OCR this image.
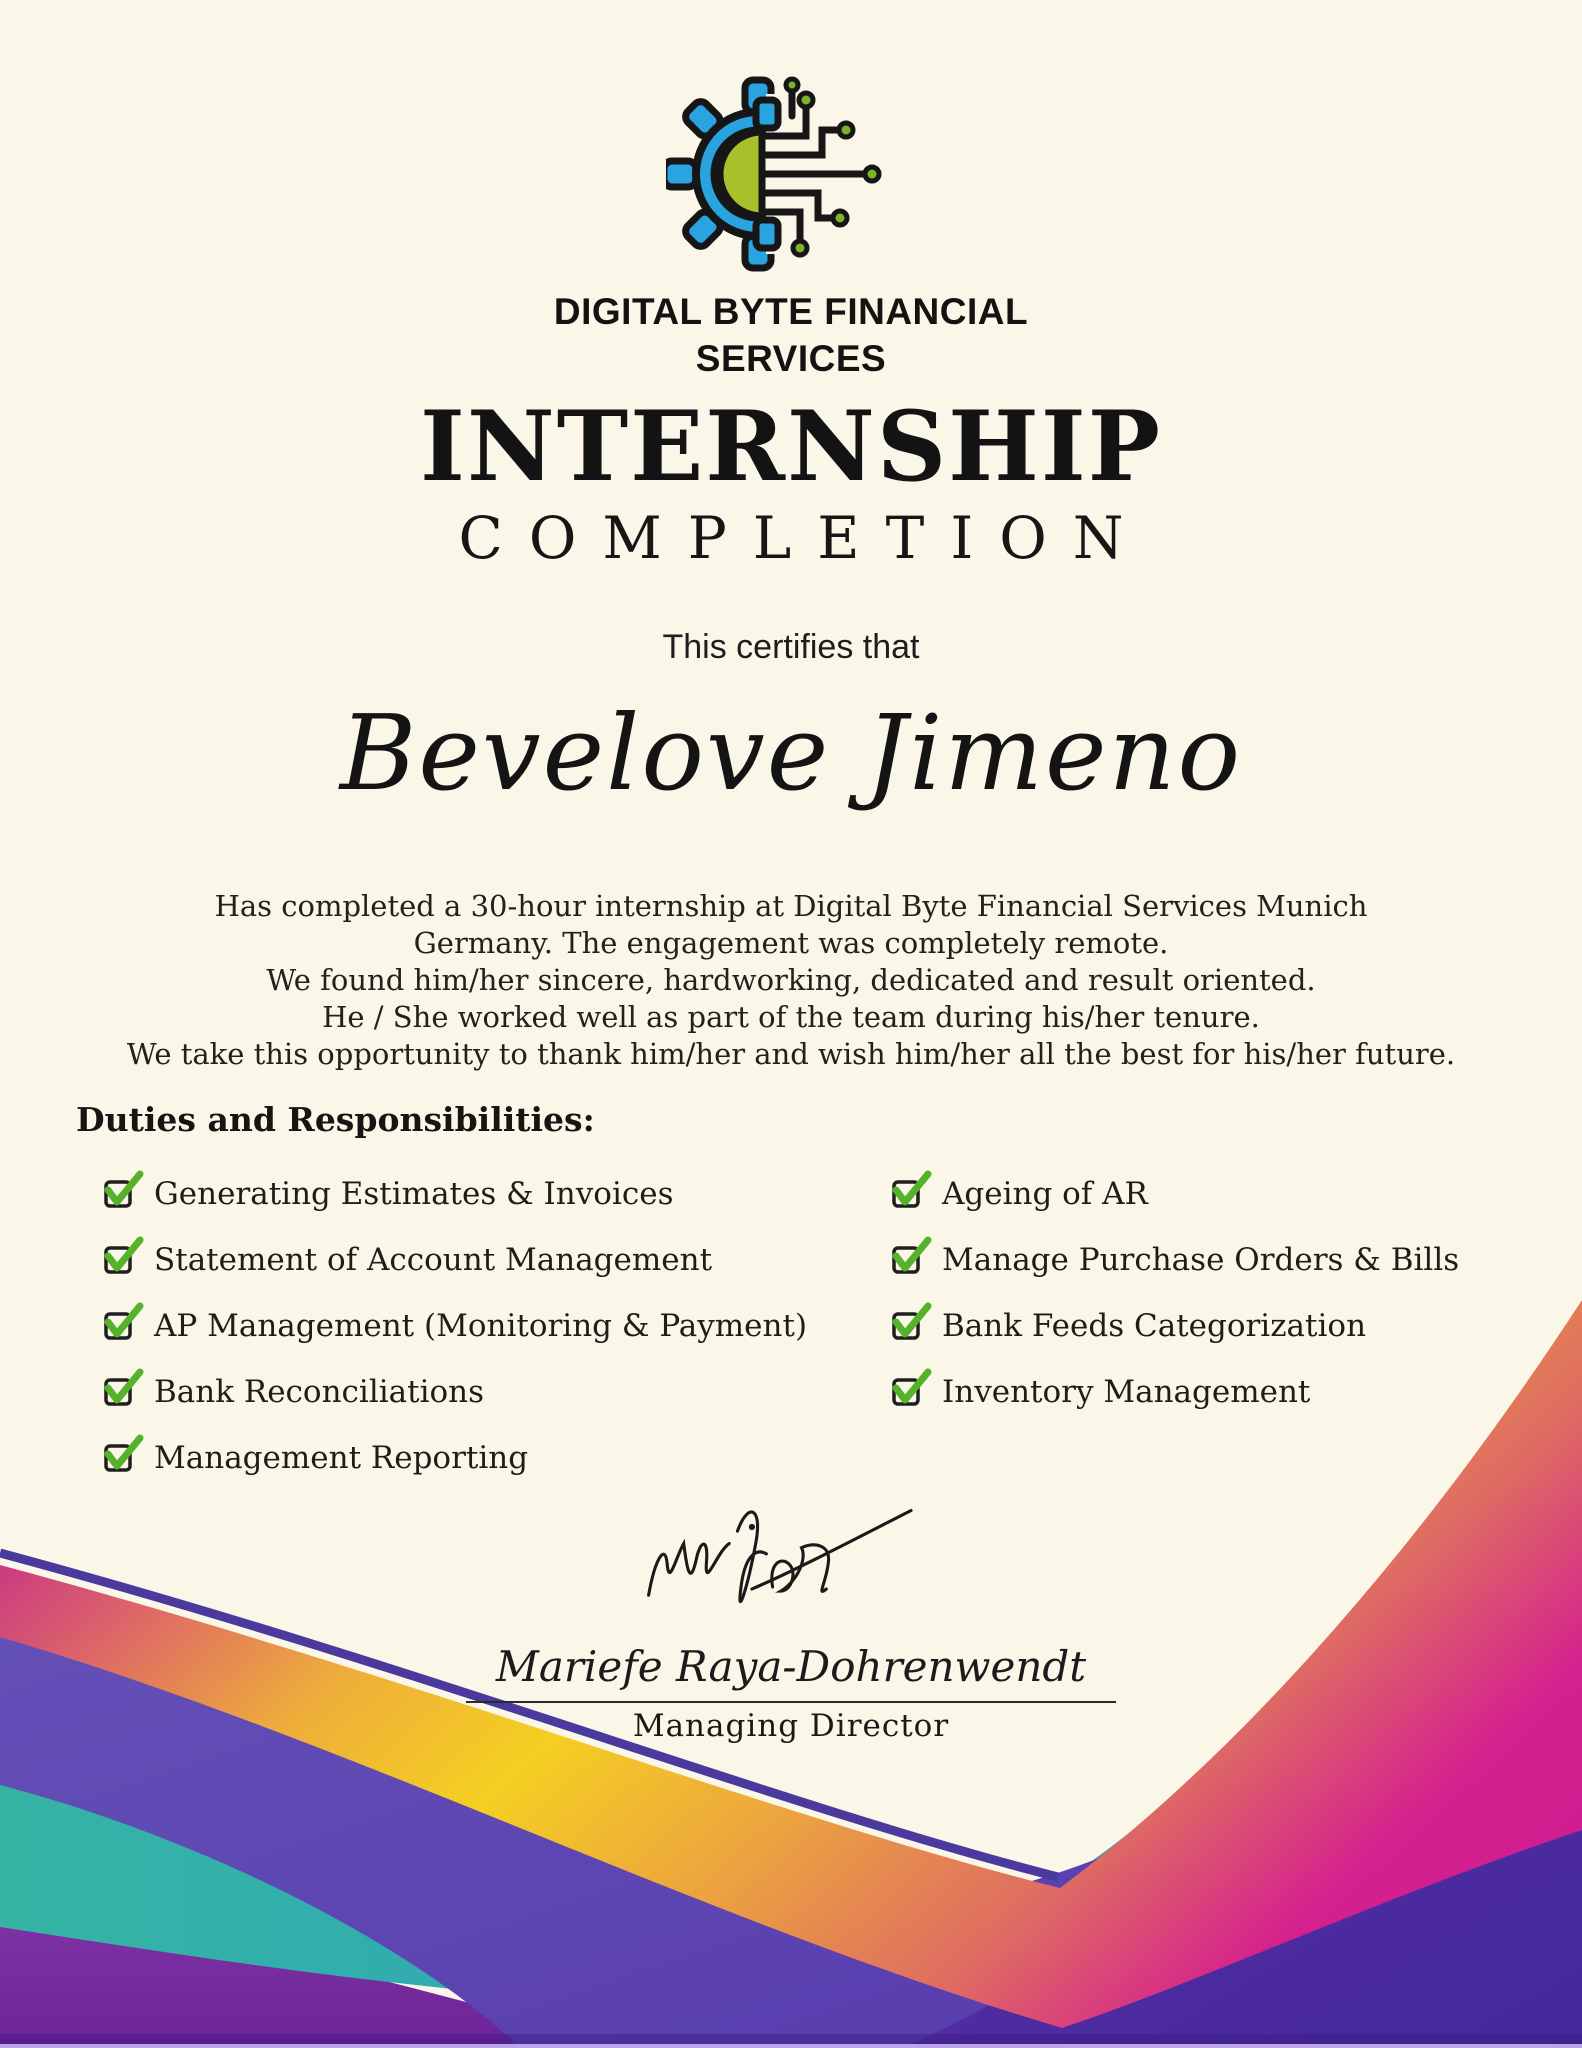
DIGITAL BYTE FINANCIAL
SERVICES
INTERNSHIP
COMPLETION
This certifies that
Bevelove Jimeno
Has completed a 30-hour internship at Digital Byte Financial Services Munich
Germany. The engagement was completely remote.
We found him/her sincere, hardworking, dedicated and result oriented.
He / She worked well as part of the team during his/her tenure.
We take this opportunity to thank him/her and wish him/her all the best for his/her future.
Duties and Responsibilities:
Generating Estimates & Invoices
Statement of Account Management
AP Management (Monitoring & Payment)
Bank Reconciliations
Management Reporting
Ageing of AR
Manage Purchase Orders & Bills
Bank Feeds Categorization
Inventory Management
Mariefe Raya-Dohrenwendt
Managing Director
